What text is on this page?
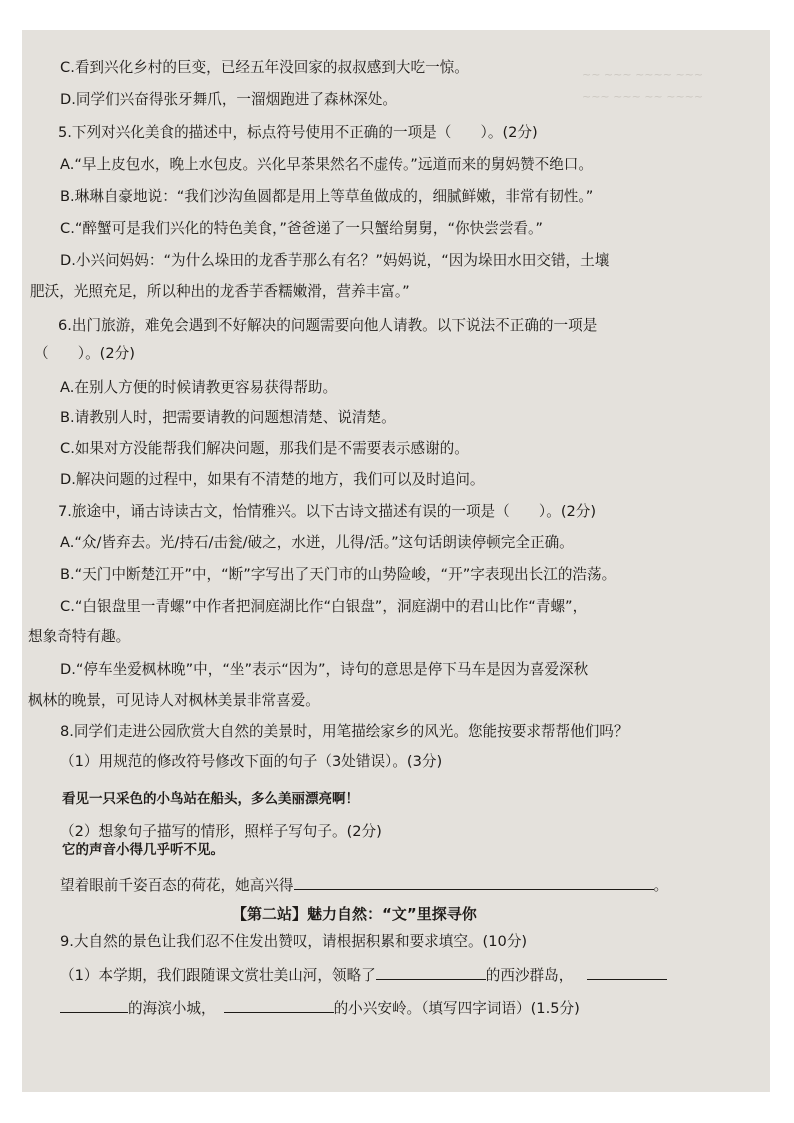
~~ ~~~ ~~~~ ~~~
~~~ ~~~ ~~ ~~~~
C.看到兴化乡村的巨变，已经五年没回家的叔叔感到大吃一惊。
D.同学们兴奋得张牙舞爪，一溜烟跑进了森林深处。
5.下列对兴化美食的描述中，标点符号使用不正确的一项是（　　）。(2分)
A.“早上皮包水，晚上水包皮。兴化早茶果然名不虚传。”远道而来的舅妈赞不绝口。
B.琳琳自豪地说：“我们沙沟鱼圆都是用上等草鱼做成的，细腻鲜嫩，非常有韧性。”
C.“醉蟹可是我们兴化的特色美食，”爸爸递了一只蟹给舅舅，“你快尝尝看。”
D.小兴问妈妈：“为什么垛田的龙香芋那么有名？”妈妈说，“因为垛田水田交错，土壤
肥沃，光照充足，所以种出的龙香芋香糯嫩滑，营养丰富。”
6.出门旅游，难免会遇到不好解决的问题需要向他人请教。以下说法不正确的一项是
（　　）。(2分)
A.在别人方便的时候请教更容易获得帮助。
B.请教别人时，把需要请教的问题想清楚、说清楚。
C.如果对方没能帮我们解决问题，那我们是不需要表示感谢的。
D.解决问题的过程中，如果有不清楚的地方，我们可以及时追问。
7.旅途中，诵古诗读古文，怡情雅兴。以下古诗文描述有误的一项是（　　）。(2分)
A.“众/皆弃去。光/持石/击瓮/破之，水迸，儿得/活。”这句话朗读停顿完全正确。
B.“天门中断楚江开”中，“断”字写出了天门市的山势险峻，“开”字表现出长江的浩荡。
C.“白银盘里一青螺”中作者把洞庭湖比作“白银盘”，洞庭湖中的君山比作“青螺”，
想象奇特有趣。
D.“停车坐爱枫林晚”中，“坐”表示“因为”，诗句的意思是停下马车是因为喜爱深秋
枫林的晚景，可见诗人对枫林美景非常喜爱。
8.同学们走进公园欣赏大自然的美景时，用笔描绘家乡的风光。您能按要求帮帮他们吗？
（1）用规范的修改符号修改下面的句子（3处错误）。(3分)
看见一只采色的小鸟站在船头，多么美丽漂亮啊！
（2）想象句子描写的情形，照样子写句子。(2分)
它的声音小得几乎听不见。
望着眼前千姿百态的荷花，她高兴得	。
【第二站】魅力自然：“文”里探寻你
9.大自然的景色让我们忍不住发出赞叹，请根据积累和要求填空。(10分)
（1）本学期，我们跟随课文赏壮美山河，领略了	的西沙群岛，
的海滨小城，	的小兴安岭。（填写四字词语）(1.5分)
